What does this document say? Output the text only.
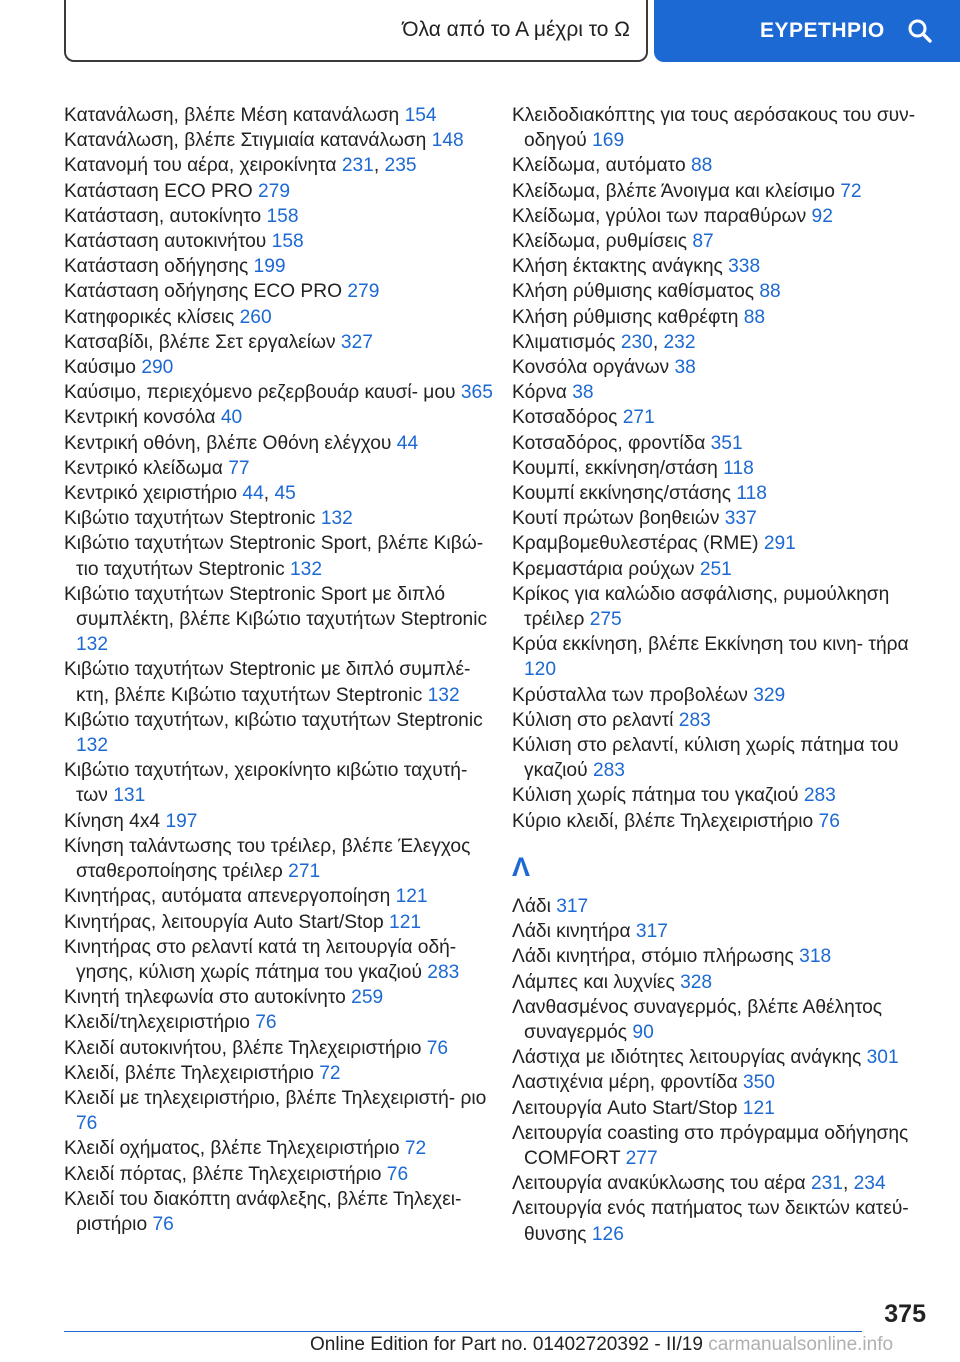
Όλα από το Α μέχρι το Ω	ΕΥΡΕΤΗΡΙΟ
Κατανάλωση, βλέπε Μέση κατανάλωση 154
Κατανάλωση, βλέπε Στιγμιαία κατανάλωση 148
Κατανομή του αέρα, χειροκίνητα 231, 235
Κατάσταση ECO PRO 279
Κατάσταση, αυτοκίνητο 158
Κατάσταση αυτοκινήτου 158
Κατάσταση οδήγησης 199
Κατάσταση οδήγησης ECO PRO 279
Κατηφορικές κλίσεις 260
Κατσαβίδι, βλέπε Σετ εργαλείων 327
Καύσιμο 290
Καύσιμο, περιεχόμενο ρεζερβουάρ καυσί‐ μου 365
Κεντρική κονσόλα 40
Κεντρική οθόνη, βλέπε Οθόνη ελέγχου 44
Κεντρικό κλείδωμα 77
Κεντρικό χειριστήριο 44, 45
Κιβώτιο ταχυτήτων Steptronic 132
Κιβώτιο ταχυτήτων Steptronic Sport, βλέπε Κιβώ‐ τιο ταχυτήτων Steptronic 132
Κιβώτιο ταχυτήτων Steptronic Sport με διπλό συμπλέκτη, βλέπε Κιβώτιο ταχυτήτων Steptronic 132
Κιβώτιο ταχυτήτων Steptronic με διπλό συμπλέ‐ κτη, βλέπε Κιβώτιο ταχυτήτων Steptronic 132
Κιβώτιο ταχυτήτων, κιβώτιο ταχυτήτων Steptronic 132
Κιβώτιο ταχυτήτων, χειροκίνητο κιβώτιο ταχυτή‐ των 131
Κίνηση 4x4 197
Κίνηση ταλάντωσης του τρέιλερ, βλέπε Έλεγχος σταθεροποίησης τρέιλερ 271
Κινητήρας, αυτόματα απενεργοποίηση 121
Κινητήρας, λειτουργία Auto Start/Stop 121
Κινητήρας στο ρελαντί κατά τη λειτουργία οδή‐ γησης, κύλιση χωρίς πάτημα του γκαζιού 283
Κινητή τηλεφωνία στο αυτοκίνητο 259
Κλειδί/τηλεχειριστήριο 76
Κλειδί αυτοκινήτου, βλέπε Τηλεχειριστήριο 76
Κλειδί, βλέπε Τηλεχειριστήριο 72
Κλειδί με τηλεχειριστήριο, βλέπε Τηλεχειριστή‐ ριο 76
Κλειδί οχήματος, βλέπε Τηλεχειριστήριο 72
Κλειδί πόρτας, βλέπε Τηλεχειριστήριο 76
Κλειδί του διακόπτη ανάφλεξης, βλέπε Τηλεχει‐ ριστήριο 76
Κλειδοδιακόπτης για τους αερόσακους του συν‐ οδηγού 169
Κλείδωμα, αυτόματο 88
Κλείδωμα, βλέπε Άνοιγμα και κλείσιμο 72
Κλείδωμα, γρύλοι των παραθύρων 92
Κλείδωμα, ρυθμίσεις 87
Κλήση έκτακτης ανάγκης 338
Κλήση ρύθμισης καθίσματος 88
Κλήση ρύθμισης καθρέφτη 88
Κλιματισμός 230, 232
Κονσόλα οργάνων 38
Κόρνα 38
Κοτσαδόρος 271
Κοτσαδόρος, φροντίδα 351
Κουμπί, εκκίνηση/στάση 118
Κουμπί εκκίνησης/στάσης 118
Κουτί πρώτων βοηθειών 337
Κραμβομεθυλεστέρας (RME) 291
Κρεμαστάρια ρούχων 251
Κρίκος για καλώδιο ασφάλισης, ρυμούλκηση τρέιλερ 275
Κρύα εκκίνηση, βλέπε Εκκίνηση του κινη‐ τήρα 120
Κρύσταλλα των προβολέων 329
Κύλιση στο ρελαντί 283
Κύλιση στο ρελαντί, κύλιση χωρίς πάτημα του γκαζιού 283
Κύλιση χωρίς πάτημα του γκαζιού 283
Κύριο κλειδί, βλέπε Τηλεχειριστήριο 76
Λ
Λάδι 317
Λάδι κινητήρα 317
Λάδι κινητήρα, στόμιο πλήρωσης 318
Λάμπες και λυχνίες 328
Λανθασμένος συναγερμός, βλέπε Αθέλητος συναγερμός 90
Λάστιχα με ιδιότητες λειτουργίας ανάγκης 301
Λαστιχένια μέρη, φροντίδα 350
Λειτουργία Auto Start/Stop 121
Λειτουργία coasting στο πρόγραμμα οδήγησης COMFORT 277
Λειτουργία ανακύκλωσης του αέρα 231, 234
Λειτουργία ενός πατήματος των δεικτών κατεύ‐ θυνσης 126
375
Online Edition for Part no. 01402720392 - II/19 carmanualsonline.info
